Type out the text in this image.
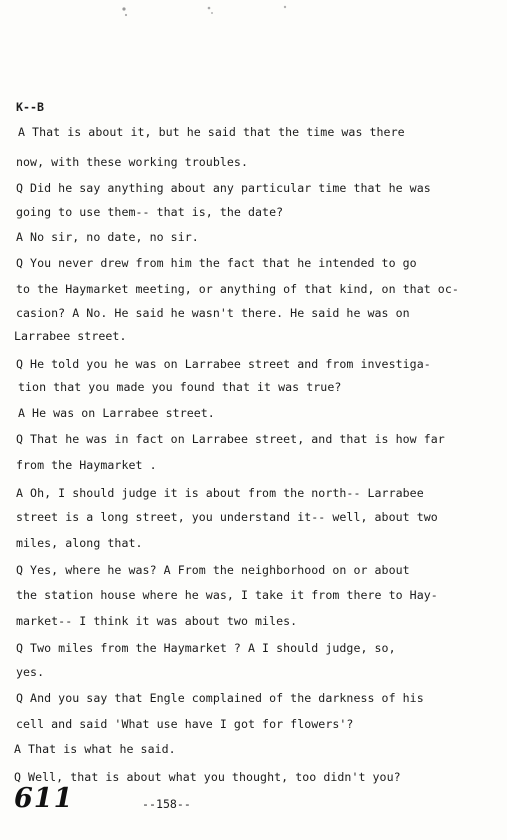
K--B
A That is about it, but he said that the time was there
now, with these working troubles.
Q Did he say anything about any particular time that he was
going to use them-- that is, the date?
A No sir, no date, no sir.
Q You never drew from him the fact that he intended to go
to the Haymarket meeting, or anything of that kind, on that oc-
casion? A No. He said he wasn't there. He said he was on
Larrabee street.
Q He told you he was on Larrabee street and from investiga-
tion that you made you found that it was true?
A He was on Larrabee street.
Q That he was in fact on Larrabee street, and that is how far
from the Haymarket .
A Oh, I should judge it is about from the north-- Larrabee
street is a long street, you understand it-- well, about two
miles, along that.
Q Yes, where he was? A From the neighborhood on or about
the station house where he was, I take it from there to Hay-
market-- I think it was about two miles.
Q Two miles from the Haymarket ? A I should judge, so,
yes.
Q And you say that Engle complained of the darkness of his
cell and said 'What use have I got for flowers'?
A That is what he said.
Q Well, that is about what you thought, too didn't you?
611	--158--
